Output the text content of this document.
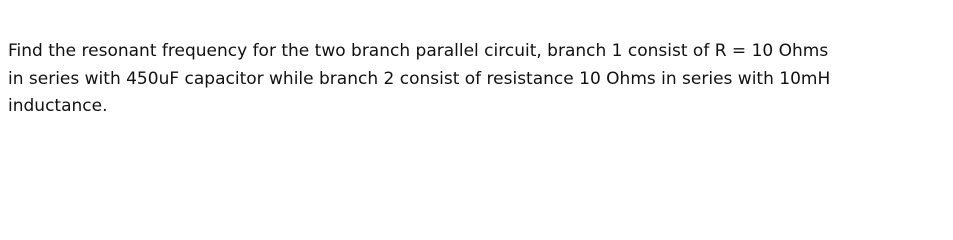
Find the resonant frequency for the two branch parallel circuit, branch 1 consist of R = 10 Ohms
in series with 450uF capacitor while branch 2 consist of resistance 10 Ohms in series with 10mH
inductance.
